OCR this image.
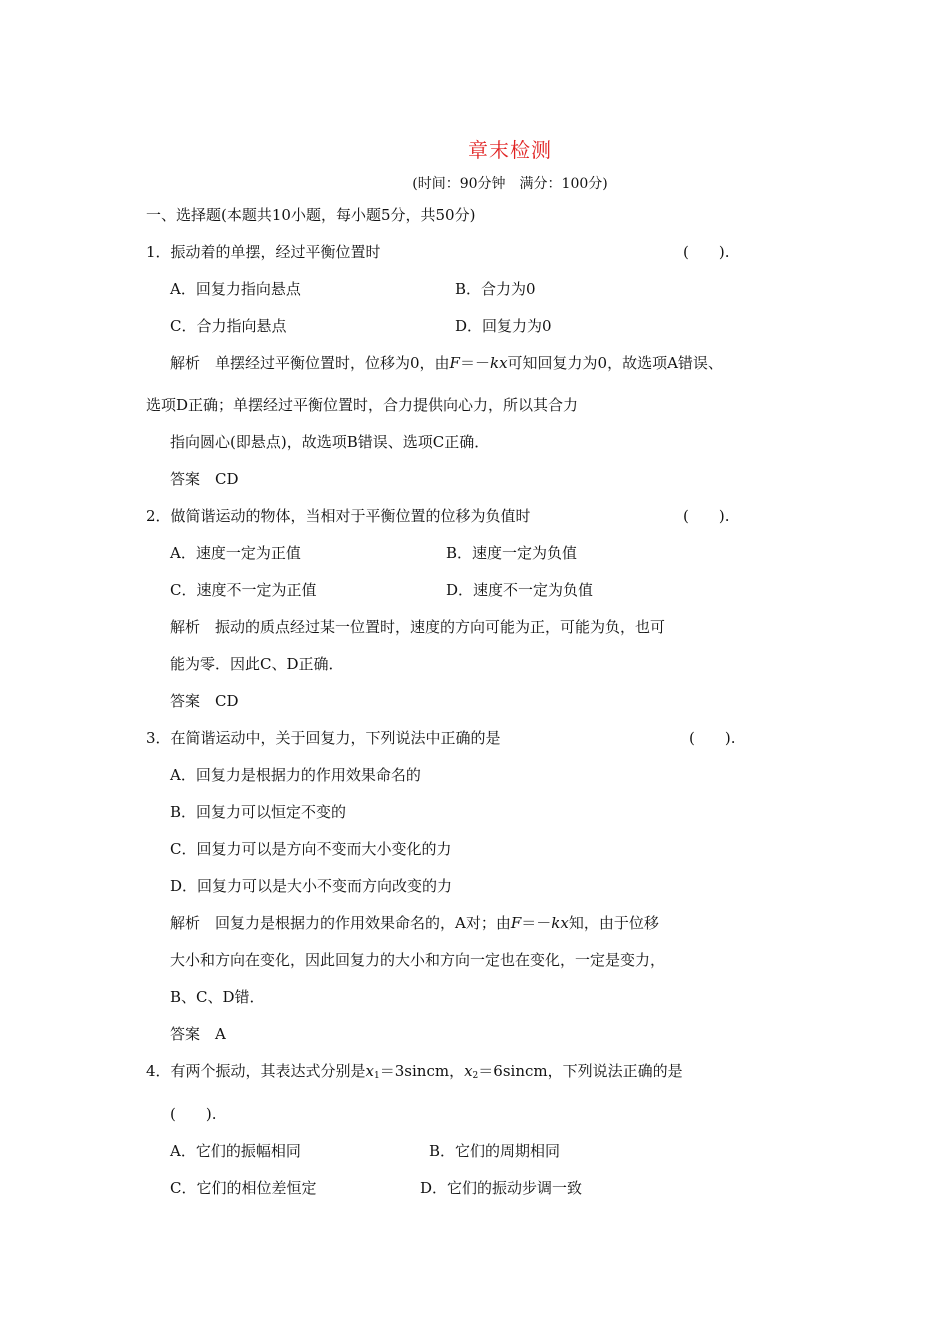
章末检测
(时间：90分钟　满分：100分)
一、选择题(本题共10小题，每小题5分，共50分)
1．振动着的单摆，经过平衡位置时	(　　).
A．回复力指向悬点	B．合力为0
C．合力指向悬点	D．回复力为0
解析　单摆经过平衡位置时，位移为0，由F＝－kx可知回复力为0，故选项A错误、
选项D正确；单摆经过平衡位置时，合力提供向心力，所以其合力
指向圆心(即悬点)，故选项B错误、选项C正确．
答案　CD
2．做简谐运动的物体，当相对于平衡位置的位移为负值时	(　　).
A．速度一定为正值	B．速度一定为负值
C．速度不一定为正值	D．速度不一定为负值
解析　振动的质点经过某一位置时，速度的方向可能为正，可能为负，也可
能为零．因此C、D正确．
答案　CD
3．在简谐运动中，关于回复力，下列说法中正确的是	(　　).
A．回复力是根据力的作用效果命名的
B．回复力可以恒定不变的
C．回复力可以是方向不变而大小变化的力
D．回复力可以是大小不变而方向改变的力
解析　回复力是根据力的作用效果命名的，A对；由F＝－kx知，由于位移
大小和方向在变化，因此回复力的大小和方向一定也在变化，一定是变力，
B、C、D错．
答案　A
4．有两个振动，其表达式分别是$x_1=3sincm$，$x_2=6sincm$，下列说法正确的是
(　　).
A．它们的振幅相同	B．它们的周期相同
C．它们的相位差恒定	D．它们的振动步调一致
